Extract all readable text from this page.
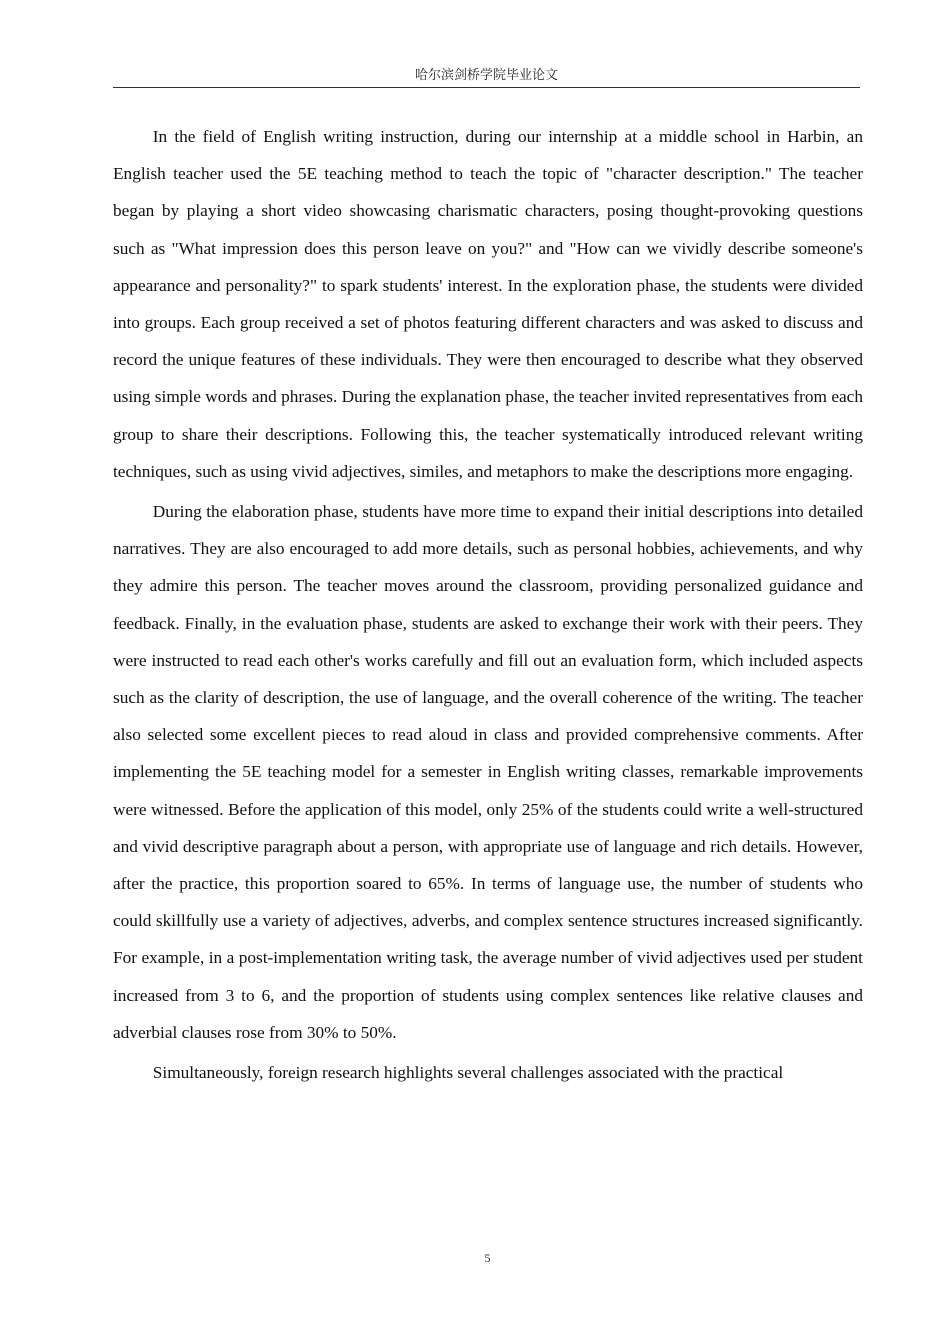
哈尔滨剑桥学院毕业论文

In the field of English writing instruction, during our internship at a middle school in Harbin, an English teacher used the 5E teaching method to teach the topic of "character description." The teacher began by playing a short video showcasing charismatic characters, posing thought-provoking questions such as "What impression does this person leave on you?" and "How can we vividly describe someone's appearance and personality?" to spark students' interest. In the exploration phase, the students were divided into groups. Each group received a set of photos featuring different characters and was asked to discuss and record the unique features of these individuals. They were then encouraged to describe what they observed using simple words and phrases. During the explanation phase, the teacher invited representatives from each group to share their descriptions. Following this, the teacher systematically introduced relevant writing techniques, such as using vivid adjectives, similes, and metaphors to make the descriptions more engaging.

During the elaboration phase, students have more time to expand their initial descriptions into detailed narratives. They are also encouraged to add more details, such as personal hobbies, achievements, and why they admire this person. The teacher moves around the classroom, providing personalized guidance and feedback. Finally, in the evaluation phase, students are asked to exchange their work with their peers. They were instructed to read each other's works carefully and fill out an evaluation form, which included aspects such as the clarity of description, the use of language, and the overall coherence of the writing. The teacher also selected some excellent pieces to read aloud in class and provided comprehensive comments. After implementing the 5E teaching model for a semester in English writing classes, remarkable improvements were witnessed. Before the application of this model, only 25% of the students could write a well-structured and vivid descriptive paragraph about a person, with appropriate use of language and rich details. However, after the practice, this proportion soared to 65%. In terms of language use, the number of students who could skillfully use a variety of adjectives, adverbs, and complex sentence structures increased significantly. For example, in a post-implementation writing task, the average number of vivid adjectives used per student increased from 3 to 6, and the proportion of students using complex sentences like relative clauses and adverbial clauses rose from 30% to 50%.

Simultaneously, foreign research highlights several challenges associated with the practical

5
